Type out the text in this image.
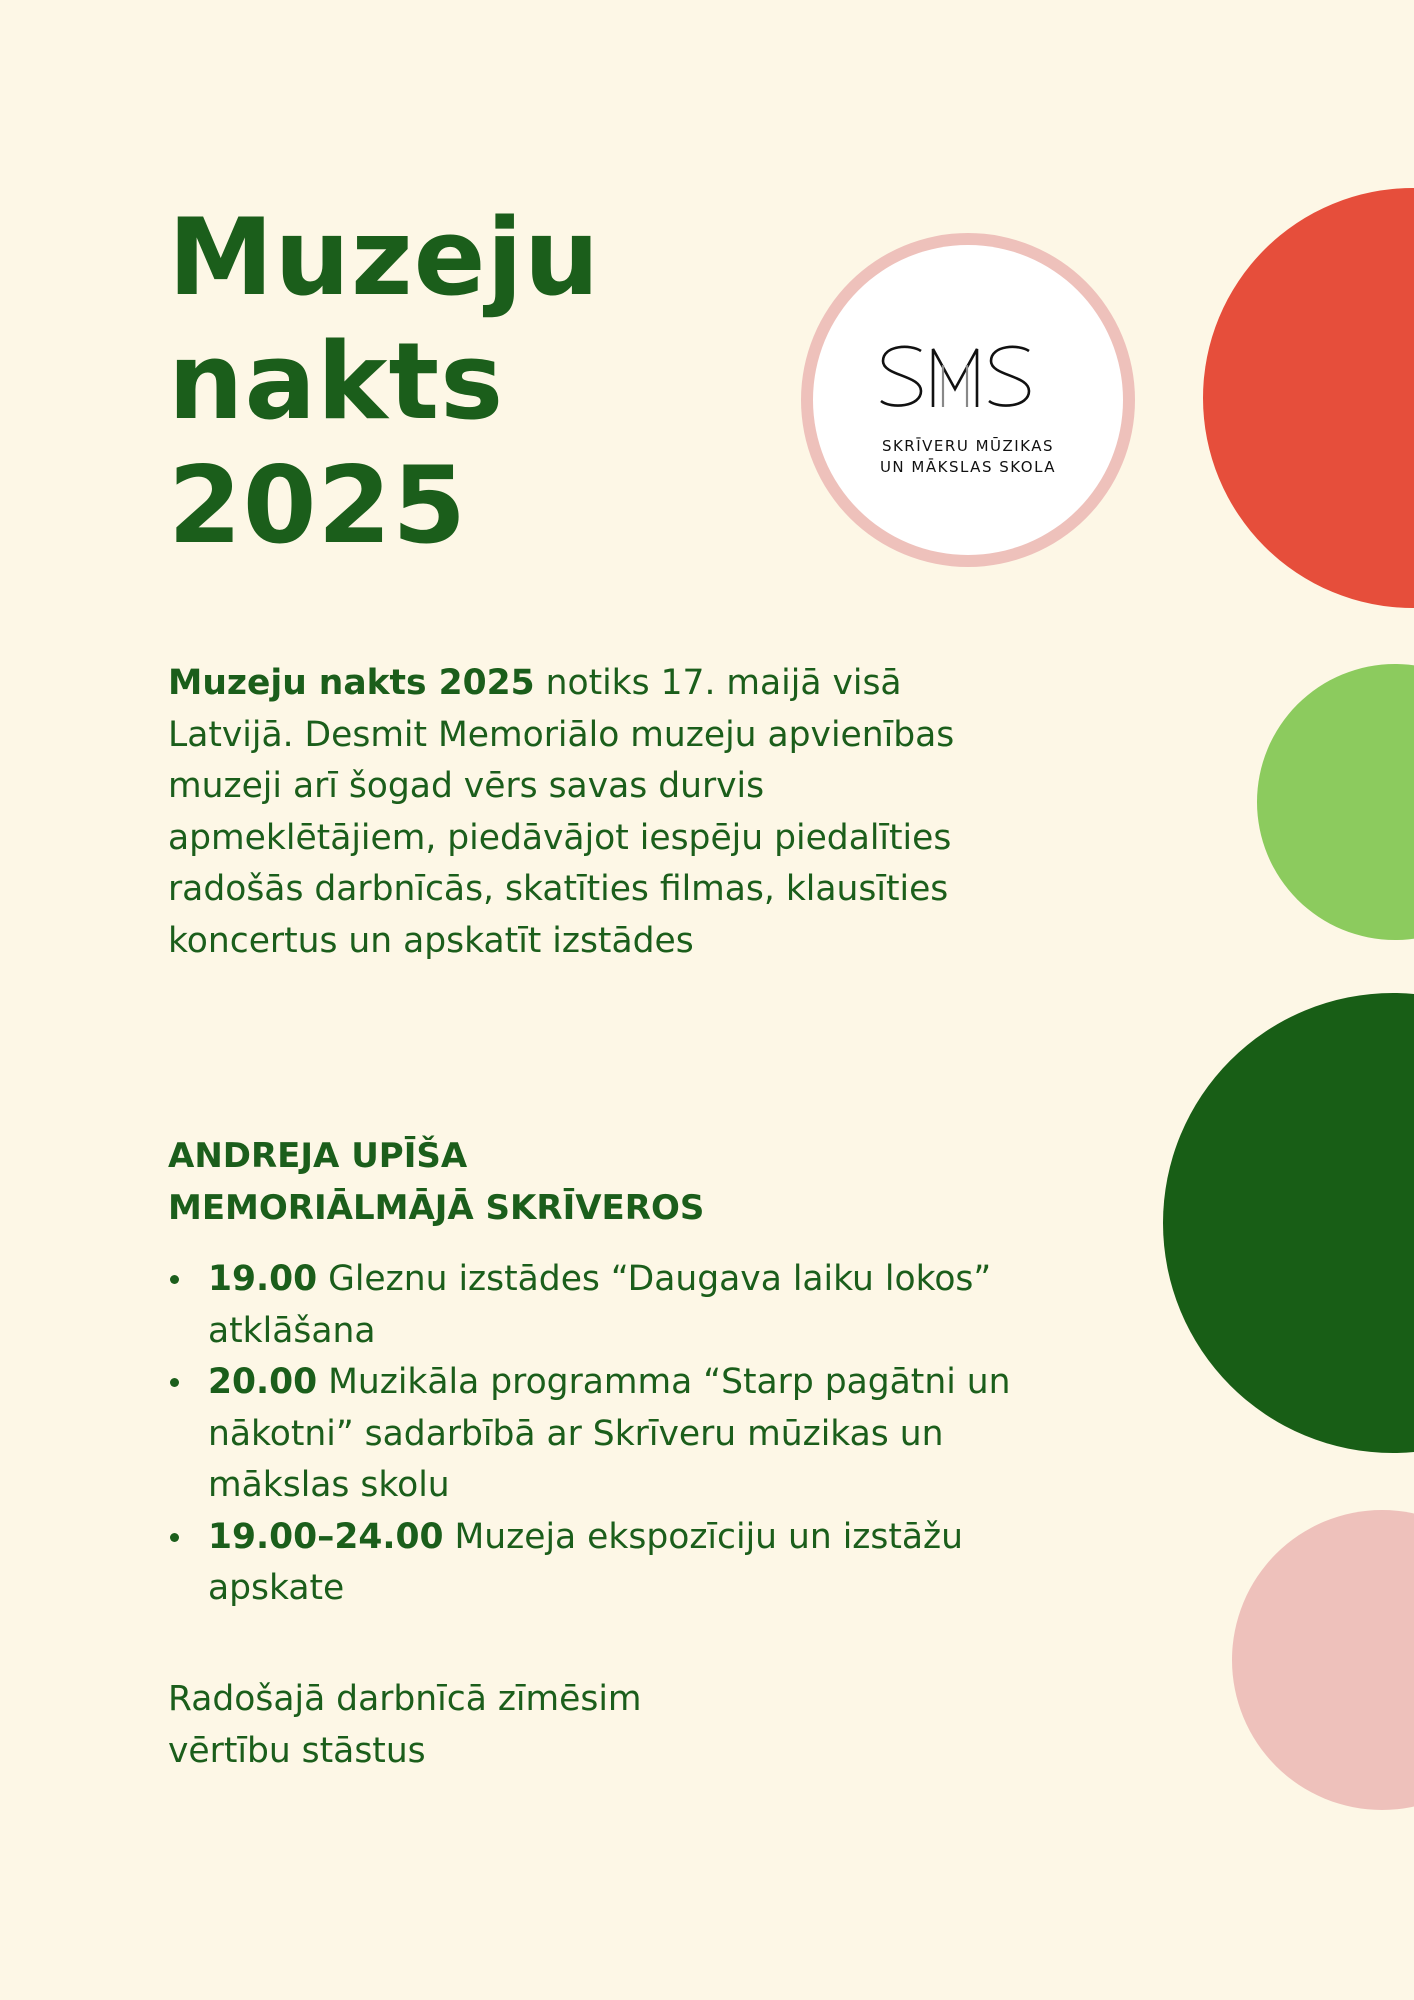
Muzeju
nakts
2025	SKRĪVERU MŪZIKAS
UN MĀKSLAS SKOLA

Muzeju nakts 2025 notiks 17. maijā visā Latvijā. Desmit Memoriālo muzeju apvienības muzeji arī šogad vērs savas durvis apmeklētājiem, piedāvājot iespēju piedalīties radošās darbnīcās, skatīties filmas, klausīties koncertus un apskatīt izstādes

ANDREJA UPĪŠA
MEMORIĀLMĀJĀ SKRĪVEROS
19.00 Gleznu izstādes “Daugava laiku lokos” atklāšana
20.00 Muzikāla programma “Starp pagātni un nākotni” sadarbībā ar Skrīveru mūzikas un mākslas skolu
19.00–24.00 Muzeja ekspozīciju un izstāžu apskate

Radošajā darbnīcā zīmēsim
vērtību stāstus
